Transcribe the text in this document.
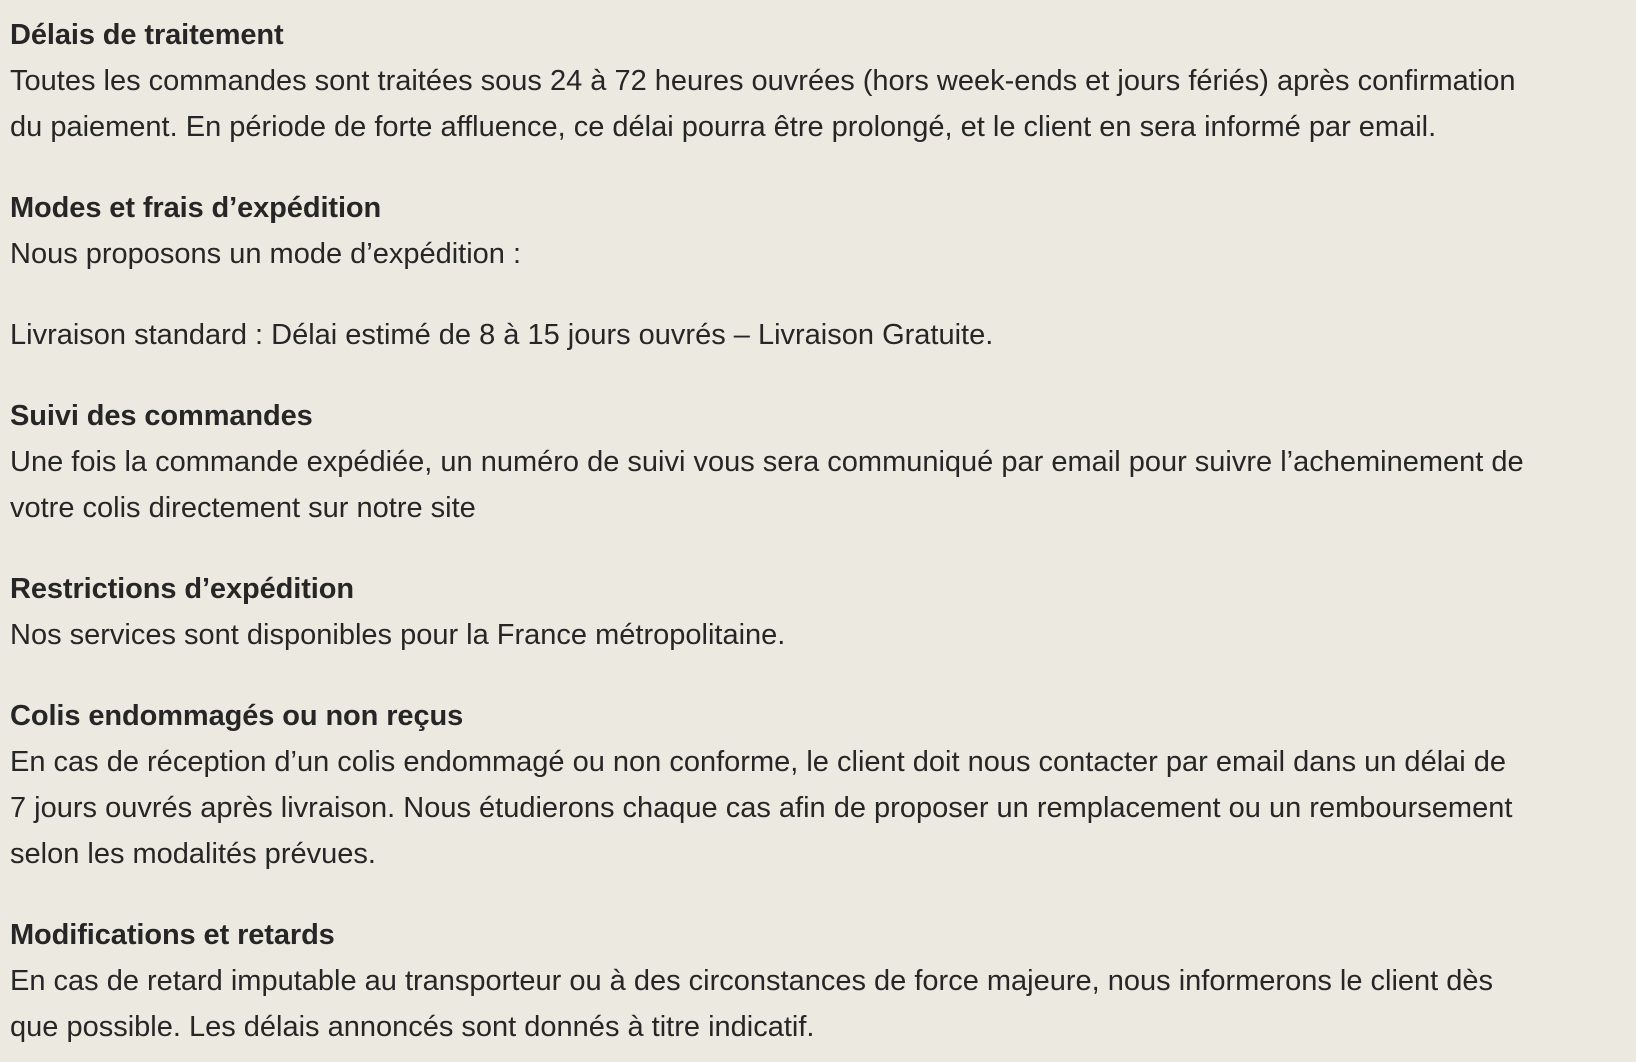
Délais de traitement

Toutes les commandes sont traitées sous 24 à 72 heures ouvrées (hors week-ends et jours fériés) après confirmation

du paiement. En période de forte affluence, ce délai pourra être prolongé, et le client en sera informé par email.

Modes et frais d’expédition

Nous proposons un mode d’expédition :

Livraison standard : Délai estimé de 8 à 15 jours ouvrés – Livraison Gratuite.

Suivi des commandes

Une fois la commande expédiée, un numéro de suivi vous sera communiqué par email pour suivre l’acheminement de

votre colis directement sur notre site

Restrictions d’expédition

Nos services sont disponibles pour la France métropolitaine.

Colis endommagés ou non reçus

En cas de réception d’un colis endommagé ou non conforme, le client doit nous contacter par email dans un délai de

7 jours ouvrés après livraison. Nous étudierons chaque cas afin de proposer un remplacement ou un remboursement

selon les modalités prévues.

Modifications et retards

En cas de retard imputable au transporteur ou à des circonstances de force majeure, nous informerons le client dès

que possible. Les délais annoncés sont donnés à titre indicatif.
